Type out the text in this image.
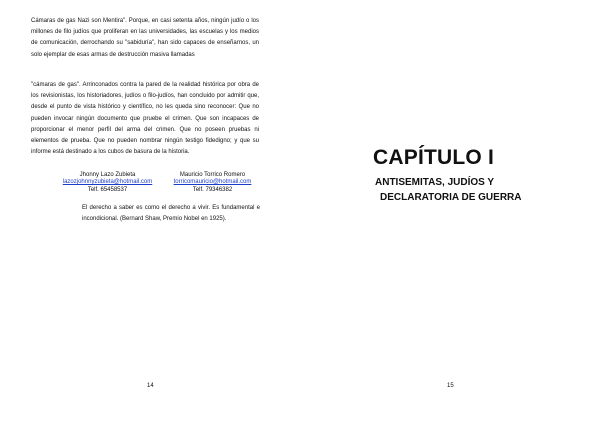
Cámaras de gas Nazi son Mentira". Porque, en casi setenta años, ningún judío o los millones de filo judíos que proliferan en las universidades, las escuelas y los medios de comunicación, derrochando su "sabiduría", han sido capaces de enseñarnos, un solo ejemplar de esas armas de destrucción masiva llamadas

"cámaras de gas". Arrinconados contra la pared de la realidad histórica por obra de los revisionistas, los historiadores, judíos o filo-judíos, han concluido por admitir que, desde el punto de vista histórico y científico, no les queda sino reconocer: Que no pueden invocar ningún documento que pruebe el crimen. Que son incapaces de proporcionar el menor perfil del arma del crimen. Que no poseen pruebas ni elementos de prueba. Que no pueden nombrar ningún testigo fidedigno; y que su informe está destinado a los cubos de basura de la historia.

Jhonny Lazo Zubieta
lazozjohnnyzubieta@hotmail.com
Telf. 65458537
Mauricio Torrico Romero
torricomauricio@hotmail.com
Telf. 79346382

El derecho a saber es como el derecho a vivir. Es fundamental e incondicional. (Bernard Shaw, Premio Nobel en 1925).

14
CAPÍTULO I
ANTISEMITAS, JUDÍOS Y
DECLARATORIA DE GUERRA
15
